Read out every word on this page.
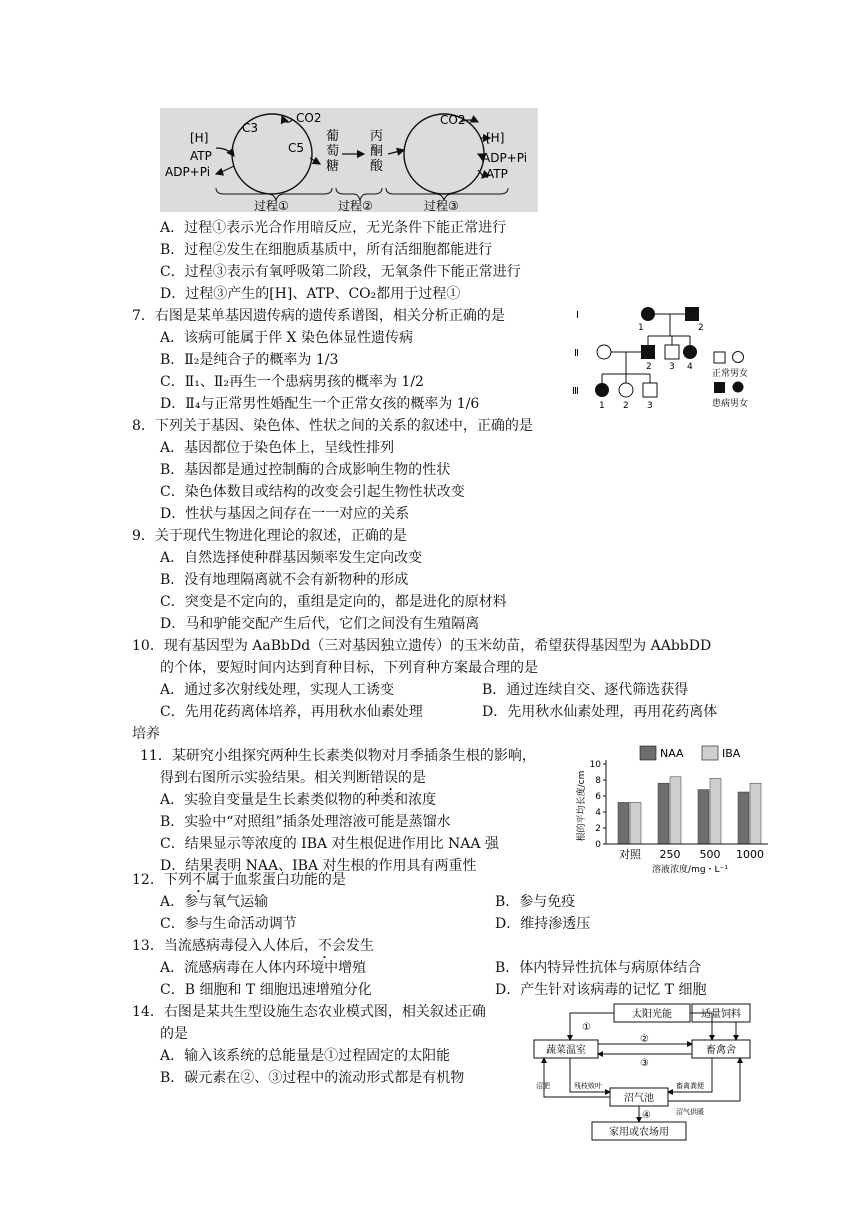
[H]
ATP
ADP+Pi
C3
C5
CO2
葡
萄
糖
丙
酮
酸
CO2
[H]
ADP+Pi
ATP
过程①	过程②	过程③
A．过程①表示光合作用暗反应，无光条件下能正常进行
B．过程②发生在细胞质基质中，所有活细胞都能进行
C．过程③表示有氧呼吸第二阶段，无氧条件下能正常进行
D．过程③产生的[H]、ATP、CO₂都用于过程①
7．右图是某单基因遗传病的遗传系谱图，相关分析正确的是
A．该病可能属于伴 X 染色体显性遗传病
B．Ⅱ₂是纯合子的概率为 1/3
C．Ⅱ₁、Ⅱ₂再生一个患病男孩的概率为 1/2
D．Ⅱ₄与正常男性婚配生一个正常女孩的概率为 1/6
Ⅰ
Ⅱ
Ⅲ
1	2
2 3 4
1 2 3
正常男女
患病男女
8．下列关于基因、染色体、性状之间的关系的叙述中，正确的是
A．基因都位于染色体上，呈线性排列
B．基因都是通过控制酶的合成影响生物的性状
C．染色体数目或结构的改变会引起生物性状改变
D．性状与基因之间存在一一对应的关系
9．关于现代生物进化理论的叙述，正确的是
A．自然选择使种群基因频率发生定向改变
B．没有地理隔离就不会有新物种的形成
C．突变是不定向的，重组是定向的，都是进化的原材料
D．马和驴能交配产生后代，它们之间没有生殖隔离
10．现有基因型为 AaBbDd（三对基因独立遗传）的玉米幼苗，希望获得基因型为 AAbbDD
的个体，要短时间内达到育种目标，下列育种方案最合理的是
A．通过多次射线处理，实现人工诱变	B．通过连续自交、逐代筛选获得
C．先用花药离体培养，再用秋水仙素处理	D．先用秋水仙素处理，再用花药离体
培养
11．某研究小组探究两种生长素类似物对月季插条生根的影响，
得到右图所示实验结果。相关判断错误的是
A．实验自变量是生长素类似物的种类和浓度
B．实验中“对照组”插条处理溶液可能是蒸馏水
C．结果显示等浓度的 IBA 对生根促进作用比 NAA 强
D．结果表明 NAA、IBA 对生根的作用具有两重性
0
2
4
6
8
10
对照 250 500 1000
根的平均长度/cm
溶液浓度/mg・L⁻¹
NAA	IBA
12．下列不属于血浆蛋白功能的是
A．参与氧气运输	B．参与免疫
C．参与生命活动调节	D．维持渗透压
13．当流感病毒侵入人体后，不会发生
A．流感病毒在人体内环境中增殖	B．体内特异性抗体与病原体结合
C．B 细胞和 T 细胞迅速增殖分化	D．产生针对该病毒的记忆 T 细胞
14．右图是某共生型设施生态农业模式图，相关叙述正确
的是
A．输入该系统的总能量是①过程固定的太阳能
B．碳元素在②、③过程中的流动形式都是有机物
太阳光能	适量饲料
蔬菜温室	畜禽舍
沼气池
家用或农场用
①
②
③
④
沼肥	残枝败叶	畜禽粪便
沼气供暖
